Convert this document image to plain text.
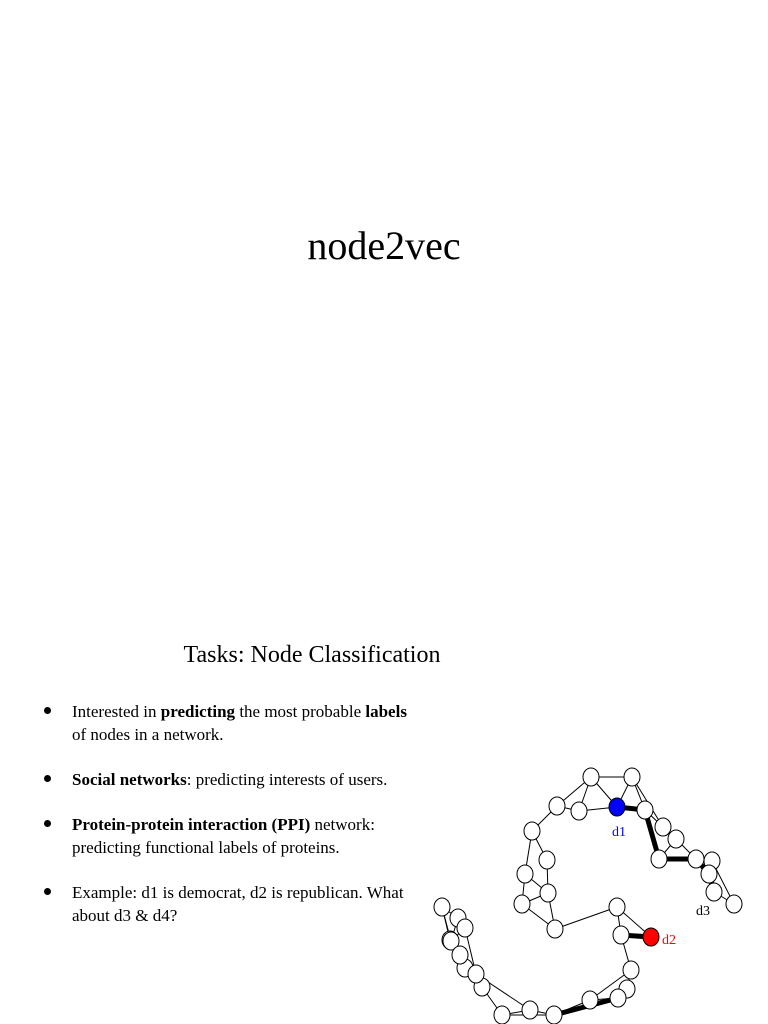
node2vec
Tasks: Node Classification
Interested in predicting the most probable labels of nodes in a network.
Social networks: predicting interests of users.
Protein-protein interaction (PPI) network: predicting functional labels of proteins.
Example: d1 is democrat, d2 is republican. What about d3 & d4?
d1
d2
d3
